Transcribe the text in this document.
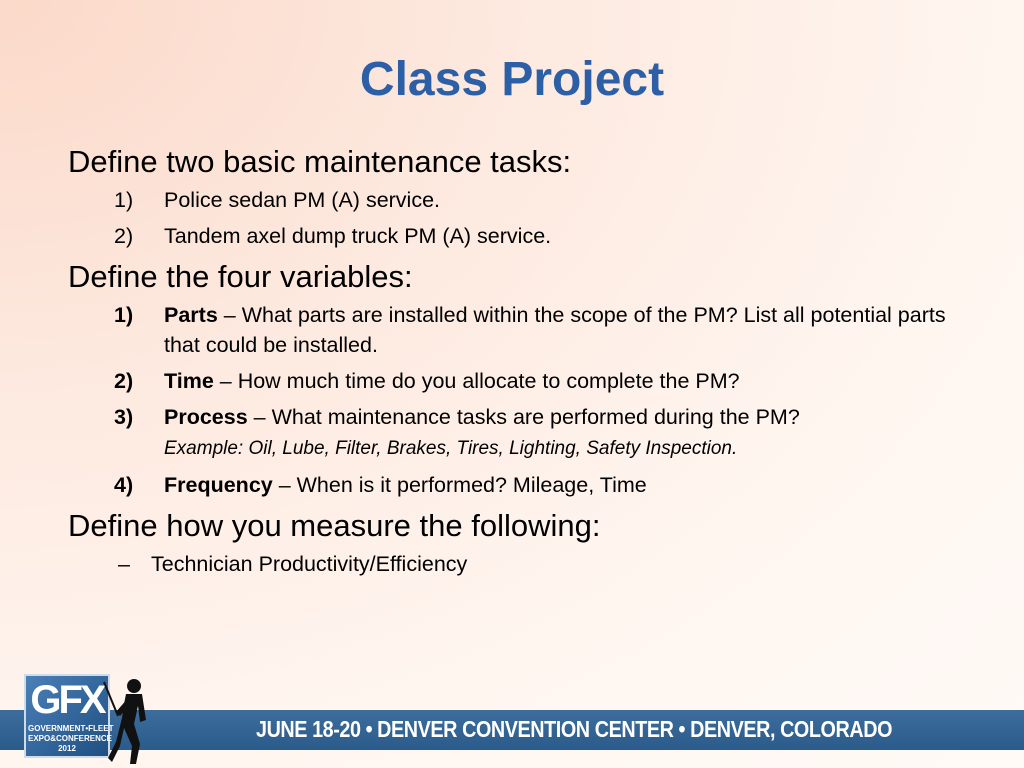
Class Project
Define two basic maintenance tasks:
1) Police sedan PM (A) service.
2) Tandem axel dump truck PM (A) service.
Define the four variables:
1) Parts – What parts are installed within the scope of the PM? List all potential parts that could be installed.
2) Time – How much time do you allocate to complete the PM?
3) Process – What maintenance tasks are performed during the PM?
Example: Oil, Lube, Filter, Brakes, Tires, Lighting, Safety Inspection.
4) Frequency – When is it performed? Mileage, Time
Define how you measure the following:
– Technician Productivity/Efficiency
JUNE 18-20 • DENVER CONVENTION CENTER • DENVER, COLORADO
GFX
GOVERNMENT•FLEET
EXPO&CONFERENCE 2012
